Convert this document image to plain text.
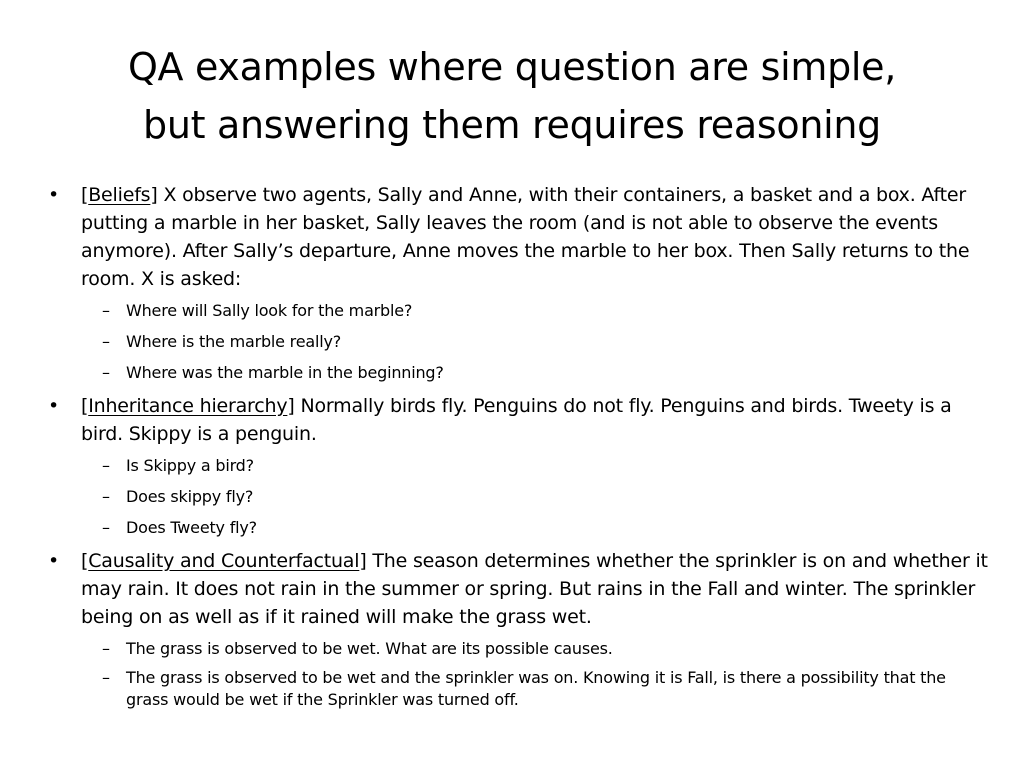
QA examples where question are simple,
but answering them requires reasoning
• [Beliefs] X observe two agents, Sally and Anne, with their containers, a basket and a box. After putting a marble in her basket, Sally leaves the room (and is not able to observe the events anymore). After Sally’s departure, Anne moves the marble to her box. Then Sally returns to the room. X is asked:
– Where will Sally look for the marble?
– Where is the marble really?
– Where was the marble in the beginning?
• [Inheritance hierarchy] Normally birds fly. Penguins do not fly. Penguins and birds. Tweety is a bird. Skippy is a penguin.
– Is Skippy a bird?
– Does skippy fly?
– Does Tweety fly?
• [Causality and Counterfactual] The season determines whether the sprinkler is on and whether it may rain. It does not rain in the summer or spring. But rains in the Fall and winter. The sprinkler being on as well as if it rained will make the grass wet.
– The grass is observed to be wet. What are its possible causes.
– The grass is observed to be wet and the sprinkler was on. Knowing it is Fall, is there a possibility that the grass would be wet if the Sprinkler was turned off.
